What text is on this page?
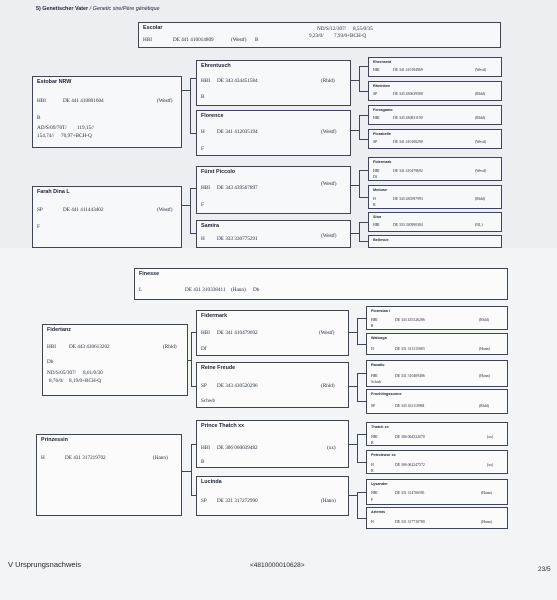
5) Genetischer Vater / Genetic sire/Père génétique
Escolar
HBI	DE 441 410014809	(Westf) B
ND/S/12/307/ 8,55/0/35
9,23/0/ 7,93/0+BCH-Q
Estobar NRW
HBI	DE 441 410801604	(Westf)
B
AD/S/09/70T/ 119,15//
154,74// 70,97+BCH-Q
Farah Dina L
SP	DE 441 411443402	(Westf)
F
Ehrentusch
HBI DE 343 434451584	(Rhld)
B
Florence
H DE 341 412035194	(Westf)
F
Fürst Piccolo
HBI DE 343 439567897
(Westf)
F
Samira
H DE 333 330775291	(Westf)
Ehrenseid
HBI	DE 341 410184969	(Westf)
Rheinbee
SP	DE 343 430639580	(Rhld)
Ferragamo
HBI	DE 343 430831190	(Rhld)
Florabelle
SP	DE 341 410100290	(Westf)
Fidermark
HBI	DE 341 410479692	(Westf)
Df
Meduse
H	DE 343 430597993	(Rhld)
B
Sion
HBI	DE 333 330990384	(NL)
Bellevue
Finesse
L	DE 431 310338411 (Hann) Db
Fidertanz
HBI	DE 443 430613202	(Rhld)
Db
ND/S/05/307/ 8,61/0/30
8,76/0/ 8,19/0+BCH-Q
Prinzessin
H	DE 431 317219702	(Hann)
Fidermark
HBI DE 341 410479692	(Westf)
Df
Reine Freude
SP DE 343 430520296	(Rhld)
Schwb
Prince Thatch xx
HBI DE 306 060039482	(xx)
B
Lucinda
SP DE 331 317272990	(Hann)
Florestan I
HBI	DE 343 435126286	(Rhld)
R
Walonga
H	DE 331 311315083	(Hann)
Ravallo
HBI	DE 331 310409486	(Hann)
Schwb
Froehlingssonne
SP	DE 343 431110984	(Rhld)
Thatch xx
HBI	DE 306 064322070	(xx)
B
Petroleuse xx
H	DE 306 062247572	(xx)
B
Lysander
HBI	DE 331 314706581	(Hann)
F
Artemis
H	DE 331 317710780	(Hann)
V Ursprungsnachweis	<4810000010628>
23/5
